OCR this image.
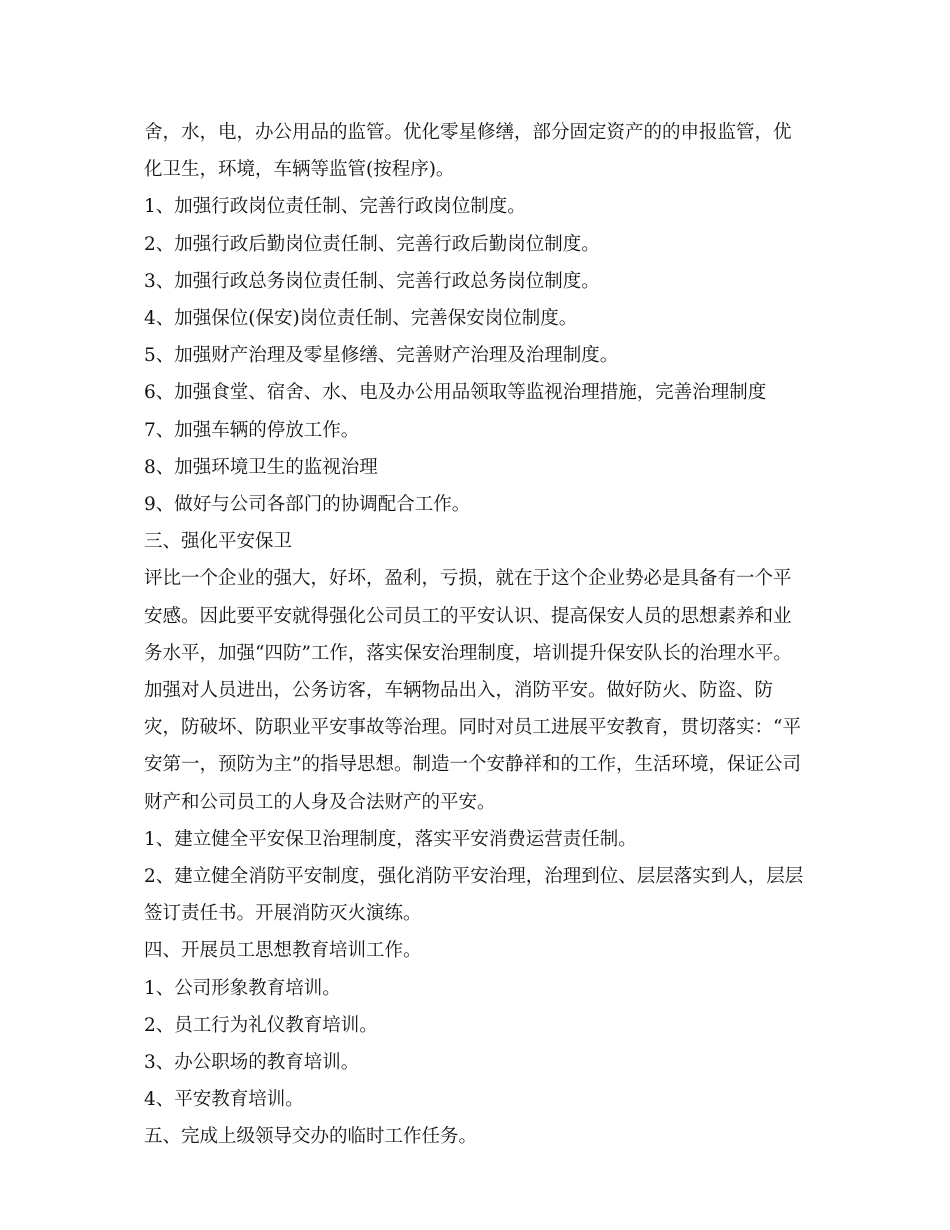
舍，水，电，办公用品的监管。优化零星修缮，部分固定资产的的申报监管，优

化卫生，环境，车辆等监管(按程序)。

1、加强行政岗位责任制、完善行政岗位制度。

2、加强行政后勤岗位责任制、完善行政后勤岗位制度。

3、加强行政总务岗位责任制、完善行政总务岗位制度。

4、加强保位(保安)岗位责任制、完善保安岗位制度。

5、加强财产治理及零星修缮、完善财产治理及治理制度。

6、加强食堂、宿舍、水、电及办公用品领取等监视治理措施，完善治理制度

7、加强车辆的停放工作。

8、加强环境卫生的监视治理

9、做好与公司各部门的协调配合工作。

三、强化平安保卫

评比一个企业的强大，好坏，盈利，亏损，就在于这个企业势必是具备有一个平

安感。因此要平安就得强化公司员工的平安认识、提高保安人员的思想素养和业

务水平，加强“四防”工作，落实保安治理制度，培训提升保安队长的治理水平。

加强对人员进出，公务访客，车辆物品出入，消防平安。做好防火、防盗、防

灾，防破坏、防职业平安事故等治理。同时对员工进展平安教育，贯切落实：“平

安第一，预防为主”的指导思想。制造一个安静祥和的工作，生活环境，保证公司

财产和公司员工的人身及合法财产的平安。

1、建立健全平安保卫治理制度，落实平安消费运营责任制。

2、建立健全消防平安制度，强化消防平安治理，治理到位、层层落实到人，层层

签订责任书。开展消防灭火演练。

四、开展员工思想教育培训工作。

1、公司形象教育培训。

2、员工行为礼仪教育培训。

3、办公职场的教育培训。

4、平安教育培训。

五、完成上级领导交办的临时工作任务。
